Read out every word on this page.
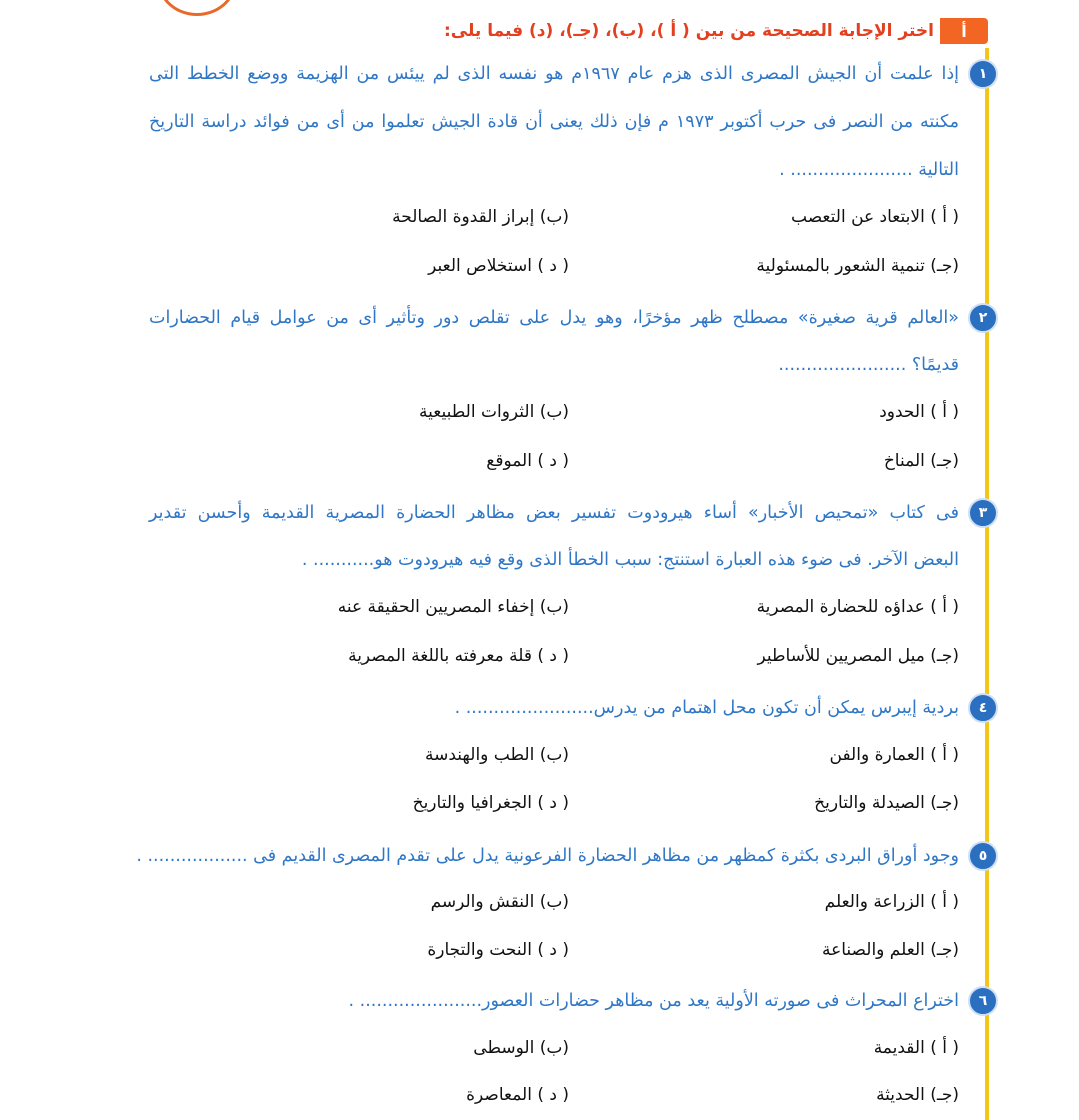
أ
اختر الإجابة الصحيحة من بين ( أ )، (ب)، (جـ)، (د) فيما يلى:
١
إذا علمت أن الجيش المصرى الذى هزم عام ١٩٦٧م هو نفسه الذى لم ييئس من الهزيمة ووضع الخطط التى
مكنته من النصر فى حرب أكتوبر ١٩٧٣ م فإن ذلك يعنى أن قادة الجيش تعلموا من أى من فوائد دراسة التاريخ
التالية ...................... .
( أ ) الابتعاد عن التعصب
(ب) إبراز القدوة الصالحة
(جـ) تنمية الشعور بالمسئولية
( د ) استخلاص العبر
٢
«العالم قرية صغيرة» مصطلح ظهر مؤخرًا، وهو يدل على تقلص دور وتأثير أى من عوامل قيام الحضارات
قديمًا؟ .......................
( أ ) الحدود
(ب) الثروات الطبيعية
(جـ) المناخ
( د ) الموقع
٣
فى كتاب «تمحيص الأخبار» أساء هيرودوت تفسير بعض مظاهر الحضارة المصرية القديمة وأحسن تقدير
البعض الآخر. فى ضوء هذه العبارة استنتج: سبب الخطأ الذى وقع فيه هيرودوت هو........... .
( أ ) عداؤه للحضارة المصرية
(ب) إخفاء المصريين الحقيقة عنه
(جـ) ميل المصريين للأساطير
( د ) قلة معرفته باللغة المصرية
٤
بردية إيبرس يمكن أن تكون محل اهتمام من يدرس....................... .
( أ ) العمارة والفن
(ب) الطب والهندسة
(جـ) الصيدلة والتاريخ
( د ) الجغرافيا والتاريخ
٥
وجود أوراق البردى بكثرة كمظهر من مظاهر الحضارة الفرعونية يدل على تقدم المصرى القديم فى .................. .
( أ ) الزراعة والعلم
(ب) النقش والرسم
(جـ) العلم والصناعة
( د ) النحت والتجارة
٦
اختراع المحراث فى صورته الأولية يعد من مظاهر حضارات العصور...................... .
( أ ) القديمة
(ب) الوسطى
(جـ) الحديثة
( د ) المعاصرة
